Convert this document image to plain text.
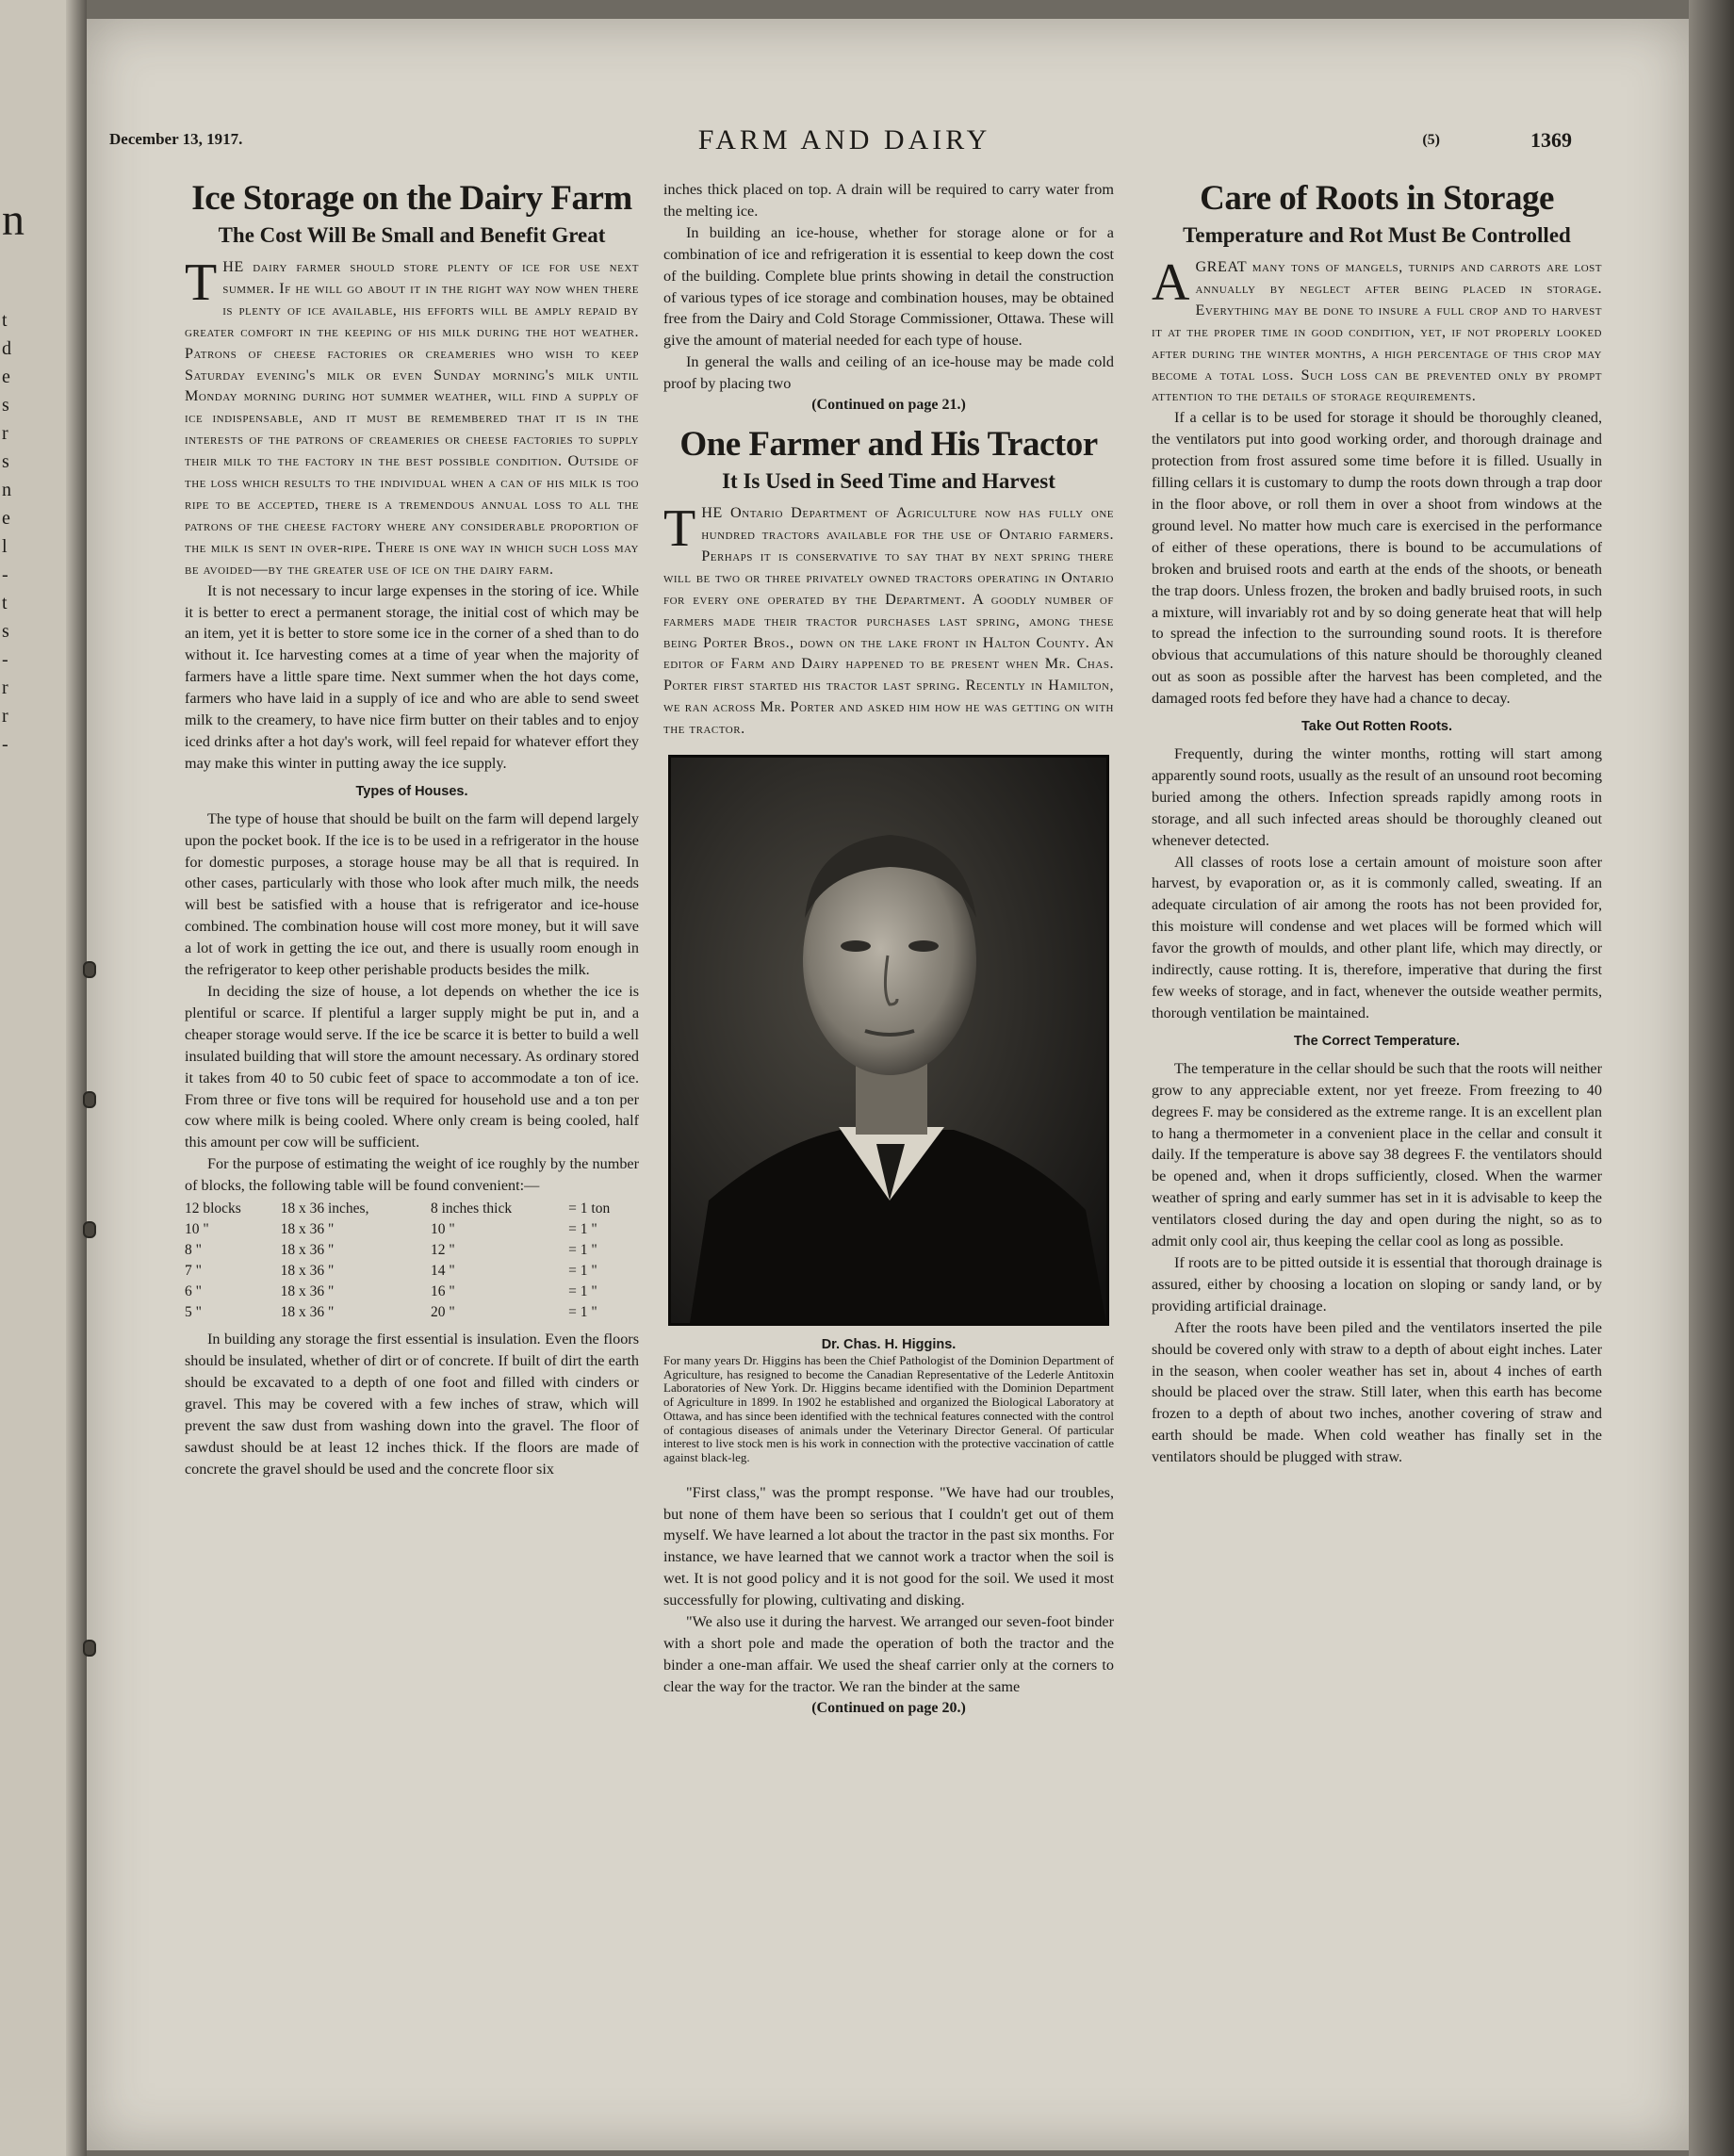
n
t
d
e
s
r
s
n
e
l
-
t
s
-
r
r
-
December 13, 1917.	FARM AND DAIRY	(5)	1369
Ice Storage on the Dairy Farm
The Cost Will Be Small and Benefit Great

THE dairy farmer should store plenty of ice for use next summer. If he will go about it in the right way now when there is plenty of ice available, his efforts will be amply repaid by greater comfort in the keeping of his milk during the hot weather. Patrons of cheese factories or creameries who wish to keep Saturday evening's milk or even Sunday morning's milk until Monday morning during hot summer weather, will find a supply of ice indispensable, and it must be remembered that it is in the interests of the patrons of creameries or cheese factories to supply their milk to the factory in the best possible condition. Outside of the loss which results to the individual when a can of his milk is too ripe to be accepted, there is a tremendous annual loss to all the patrons of the cheese factory where any considerable proportion of the milk is sent in over-ripe. There is one way in which such loss may be avoided—by the greater use of ice on the dairy farm.

It is not necessary to incur large expenses in the storing of ice. While it is better to erect a permanent storage, the initial cost of which may be an item, yet it is better to store some ice in the corner of a shed than to do without it. Ice harvesting comes at a time of year when the majority of farmers have a little spare time. Next summer when the hot days come, farmers who have laid in a supply of ice and who are able to send sweet milk to the creamery, to have nice firm butter on their tables and to enjoy iced drinks after a hot day's work, will feel repaid for whatever effort they may make this winter in putting away the ice supply.

Types of Houses.

The type of house that should be built on the farm will depend largely upon the pocket book. If the ice is to be used in a refrigerator in the house for domestic purposes, a storage house may be all that is required. In other cases, particularly with those who look after much milk, the needs will best be satisfied with a house that is refrigerator and ice-house combined. The combination house will cost more money, but it will save a lot of work in getting the ice out, and there is usually room enough in the refrigerator to keep other perishable products besides the milk.

In deciding the size of house, a lot depends on whether the ice is plentiful or scarce. If plentiful a larger supply might be put in, and a cheaper storage would serve. If the ice be scarce it is better to build a well insulated building that will store the amount necessary. As ordinary stored it takes from 40 to 50 cubic feet of space to accommodate a ton of ice. From three or five tons will be required for household use and a ton per cow where milk is being cooled. Where only cream is being cooled, half this amount per cow will be sufficient.

For the purpose of estimating the weight of ice roughly by the number of blocks, the following table will be found convenient:—

12 blocks	18 x 36 inches,	8 inches thick	= 1 ton
10 "	18 x 36 "	10 "	= 1 "
8 "	18 x 36 "	12 "	= 1 "
7 "	18 x 36 "	14 "	= 1 "
6 "	18 x 36 "	16 "	= 1 "
5 "	18 x 36 "	20 "	= 1 "

In building any storage the first essential is insulation. Even the floors should be insulated, whether of dirt or of concrete. If built of dirt the earth should be excavated to a depth of one foot and filled with cinders or gravel. This may be covered with a few inches of straw, which will prevent the saw dust from washing down into the gravel. The floor of sawdust should be at least 12 inches thick. If the floors are made of concrete the gravel should be used and the concrete floor six

inches thick placed on top. A drain will be required to carry water from the melting ice.

In building an ice-house, whether for storage alone or for a combination of ice and refrigeration it is essential to keep down the cost of the building. Complete blue prints showing in detail the construction of various types of ice storage and combination houses, may be obtained free from the Dairy and Cold Storage Commissioner, Ottawa. These will give the amount of material needed for each type of house.

In general the walls and ceiling of an ice-house may be made cold proof by placing two

(Continued on page 21.)
One Farmer and His Tractor
It Is Used in Seed Time and Harvest

THE Ontario Department of Agriculture now has fully one hundred tractors available for the use of Ontario farmers. Perhaps it is conservative to say that by next spring there will be two or three privately owned tractors operating in Ontario for every one operated by the Department. A goodly number of farmers made their tractor purchases last spring, among these being Porter Bros., down on the lake front in Halton County. An editor of Farm and Dairy happened to be present when Mr. Chas. Porter first started his tractor last spring. Recently in Hamilton, we ran across Mr. Porter and asked him how he was getting on with the tractor.

Dr. Chas. H. Higgins.
For many years Dr. Higgins has been the Chief Pathologist of the Dominion Department of Agriculture, has resigned to become the Canadian Representative of the Lederle Antitoxin Laboratories of New York. Dr. Higgins became identified with the Dominion Department of Agriculture in 1899. In 1902 he established and organized the Biological Laboratory at Ottawa, and has since been identified with the technical features connected with the control of contagious diseases of animals under the Veterinary Director General. Of particular interest to live stock men is his work in connection with the protective vaccination of cattle against black-leg.

"First class," was the prompt response. "We have had our troubles, but none of them have been so serious that I couldn't get out of them myself. We have learned a lot about the tractor in the past six months. For instance, we have learned that we cannot work a tractor when the soil is wet. It is not good policy and it is not good for the soil. We used it most successfully for plowing, cultivating and disking.

"We also use it during the harvest. We arranged our seven-foot binder with a short pole and made the operation of both the tractor and the binder a one-man affair. We used the sheaf carrier only at the corners to clear the way for the tractor. We ran the binder at the same

(Continued on page 20.)
Care of Roots in Storage
Temperature and Rot Must Be Controlled

AGREAT many tons of mangels, turnips and carrots are lost annually by neglect after being placed in storage. Everything may be done to insure a full crop and to harvest it at the proper time in good condition, yet, if not properly looked after during the winter months, a high percentage of this crop may become a total loss. Such loss can be prevented only by prompt attention to the details of storage requirements.

If a cellar is to be used for storage it should be thoroughly cleaned, the ventilators put into good working order, and thorough drainage and protection from frost assured some time before it is filled. Usually in filling cellars it is customary to dump the roots down through a trap door in the floor above, or roll them in over a shoot from windows at the ground level. No matter how much care is exercised in the performance of either of these operations, there is bound to be accumulations of broken and bruised roots and earth at the ends of the shoots, or beneath the trap doors. Unless frozen, the broken and badly bruised roots, in such a mixture, will invariably rot and by so doing generate heat that will help to spread the infection to the surrounding sound roots. It is therefore obvious that accumulations of this nature should be thoroughly cleaned out as soon as possible after the harvest has been completed, and the damaged roots fed before they have had a chance to decay.

Take Out Rotten Roots.

Frequently, during the winter months, rotting will start among apparently sound roots, usually as the result of an unsound root becoming buried among the others. Infection spreads rapidly among roots in storage, and all such infected areas should be thoroughly cleaned out whenever detected.

All classes of roots lose a certain amount of moisture soon after harvest, by evaporation or, as it is commonly called, sweating. If an adequate circulation of air among the roots has not been provided for, this moisture will condense and wet places will be formed which will favor the growth of moulds, and other plant life, which may directly, or indirectly, cause rotting. It is, therefore, imperative that during the first few weeks of storage, and in fact, whenever the outside weather permits, thorough ventilation be maintained.

The Correct Temperature.

The temperature in the cellar should be such that the roots will neither grow to any appreciable extent, nor yet freeze. From freezing to 40 degrees F. may be considered as the extreme range. It is an excellent plan to hang a thermometer in a convenient place in the cellar and consult it daily. If the temperature is above say 38 degrees F. the ventilators should be opened and, when it drops sufficiently, closed. When the warmer weather of spring and early summer has set in it is advisable to keep the ventilators closed during the day and open during the night, so as to admit only cool air, thus keeping the cellar cool as long as possible.

If roots are to be pitted outside it is essential that thorough drainage is assured, either by choosing a location on sloping or sandy land, or by providing artificial drainage.

After the roots have been piled and the ventilators inserted the pile should be covered only with straw to a depth of about eight inches. Later in the season, when cooler weather has set in, about 4 inches of earth should be placed over the straw. Still later, when this earth has become frozen to a depth of about two inches, another covering of straw and earth should be made. When cold weather has finally set in the ventilators should be plugged with straw.
